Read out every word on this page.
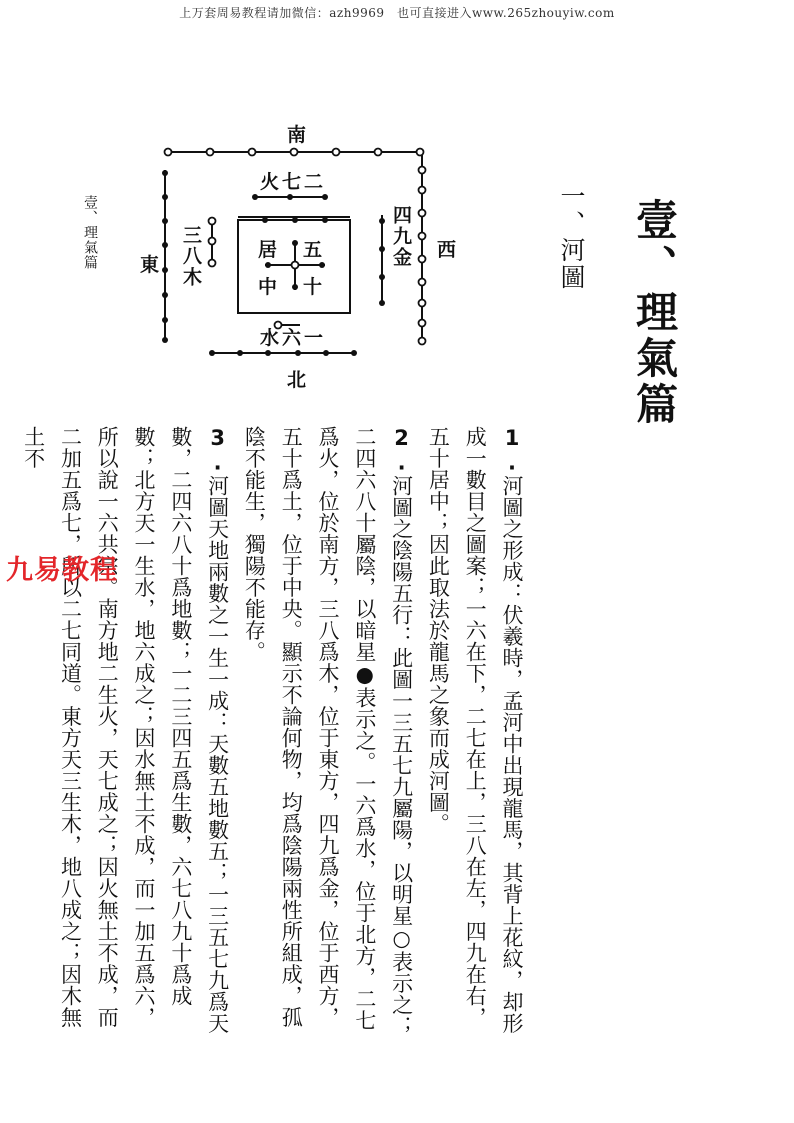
上万套周易教程请加微信：azh9969　也可直接进入www.265zhouyiw.com
南
北
東
西
火七二
水六一
三八木	四九金
居 五
中 十	壹、理氣篇
一、河圖
壹、理氣篇

1.河圖之形成：伏羲時，孟河中出現龍馬，其背上花紋，却形成一數目之圖案；一六在下，二七在上，三八在左，四九在右，五十居中；因此取法於龍馬之象而成河圖。

2.河圖之陰陽五行：此圖一三五七九屬陽，以明星○表示之；二四六八十屬陰，以暗星●表示之。一六爲水，位于北方，二七爲火，位於南方，三八爲木，位于東方，四九爲金，位于西方，五十爲土，位于中央。顯示不論何物，均爲陰陽兩性所組成，孤陰不能生，獨陽不能存。

3.河圖天地兩數之一生一成：天數五地數五；一三五七九爲天數，二四六八十爲地數；一二三四五爲生數，六七八九十爲成數；北方天一生水，地六成之；因水無土不成，而一加五爲六，所以說一六共宗。南方地二生火，天七成之；因火無土不成，而二加五爲七，所以二七同道。東方天三生木，地八成之；因木無土不

九易教程
